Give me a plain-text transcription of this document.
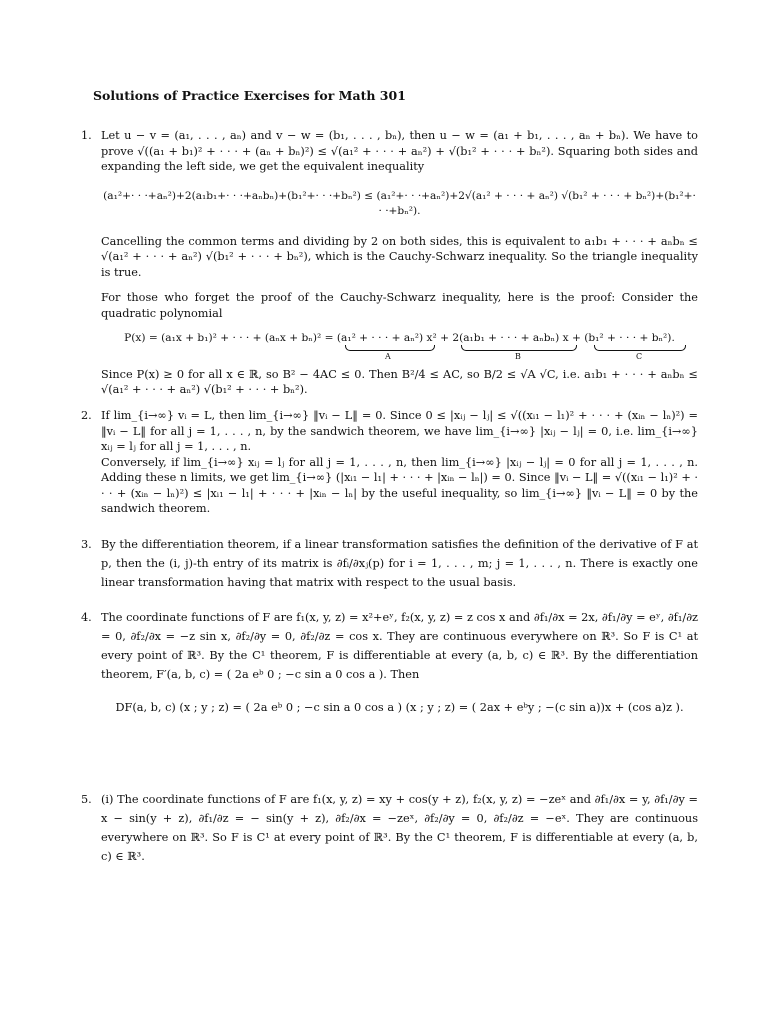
Solutions of Practice Exercises for Math 301
1. Let u − v = (a₁, . . . , aₙ) and v − w = (b₁, . . . , bₙ), then u − w = (a₁ + b₁, . . . , aₙ + bₙ). We have to prove √((a₁ + b₁)² + · · · + (aₙ + bₙ)²) ≤ √(a₁² + · · · + aₙ²) + √(b₁² + · · · + bₙ²). Squaring both sides and expanding the left side, we get the equivalent inequality

(a₁²+· · ·+aₙ²)+2(a₁b₁+· · ·+aₙbₙ)+(b₁²+· · ·+bₙ²) ≤ (a₁²+· · ·+aₙ²)+2√(a₁² + · · · + aₙ²) √(b₁² + · · · + bₙ²)+(b₁²+· · ·+bₙ²).

Cancelling the common terms and dividing by 2 on both sides, this is equivalent to a₁b₁ + · · · + aₙbₙ ≤ √(a₁² + · · · + aₙ²) √(b₁² + · · · + bₙ²), which is the Cauchy-Schwarz inequality. So the triangle inequality is true.

For those who forget the proof of the Cauchy-Schwarz inequality, here is the proof: Consider the quadratic polynomial

P(x) = (a₁x + b₁)² + · · · + (aₙx + bₙ)² = (a₁² + · · · + aₙ²) x² + 2(a₁b₁ + · · · + aₙbₙ) x + (b₁² + · · · + bₙ²).

A	B	C

Since P(x) ≥ 0 for all x ∈ ℝ, so B² − 4AC ≤ 0. Then B²/4 ≤ AC, so B/2 ≤ √A √C, i.e. a₁b₁ + · · · + aₙbₙ ≤ √(a₁² + · · · + aₙ²) √(b₁² + · · · + bₙ²).

2. If lim_{i→∞} vᵢ = L, then lim_{i→∞} ‖vᵢ − L‖ = 0. Since 0 ≤ |xᵢⱼ − lⱼ| ≤ √((xᵢ₁ − l₁)² + · · · + (xᵢₙ − lₙ)²) = ‖vᵢ − L‖ for all j = 1, . . . , n, by the sandwich theorem, we have lim_{i→∞} |xᵢⱼ − lⱼ| = 0, i.e. lim_{i→∞} xᵢⱼ = lⱼ for all j = 1, . . . , n.

Conversely, if lim_{i→∞} xᵢⱼ = lⱼ for all j = 1, . . . , n, then lim_{i→∞} |xᵢⱼ − lⱼ| = 0 for all j = 1, . . . , n. Adding these n limits, we get lim_{i→∞} (|xᵢ₁ − l₁| + · · · + |xᵢₙ − lₙ|) = 0. Since ‖vᵢ − L‖ = √((xᵢ₁ − l₁)² + · · · + (xᵢₙ − lₙ)²) ≤ |xᵢ₁ − l₁| + · · · + |xᵢₙ − lₙ| by the useful inequality, so lim_{i→∞} ‖vᵢ − L‖ = 0 by the sandwich theorem.

3. By the differentiation theorem, if a linear transformation satisfies the definition of the derivative of F at p, then the (i, j)-th entry of its matrix is ∂fᵢ/∂xⱼ(p) for i = 1, . . . , m; j = 1, . . . , n. There is exactly one linear transformation having that matrix with respect to the usual basis.

4. The coordinate functions of F are f₁(x, y, z) = x²+eʸ, f₂(x, y, z) = z cos x and ∂f₁/∂x = 2x, ∂f₁/∂y = eʸ, ∂f₁/∂z = 0, ∂f₂/∂x = −z sin x, ∂f₂/∂y = 0, ∂f₂/∂z = cos x. They are continuous everywhere on ℝ³. So F is C¹ at every point of ℝ³. By the C¹ theorem, F is differentiable at every (a, b, c) ∈ ℝ³. By the differentiation theorem, F′(a, b, c) = ( 2a eᵇ 0 ; −c sin a 0 cos a ). Then

DF(a, b, c) (x ; y ; z) = ( 2a eᵇ 0 ; −c sin a 0 cos a ) (x ; y ; z) = ( 2ax + eᵇy ; −(c sin a))x + (cos a)z ).

5. (i) The coordinate functions of F are f₁(x, y, z) = xy + cos(y + z), f₂(x, y, z) = −zeˣ and ∂f₁/∂x = y, ∂f₁/∂y = x − sin(y + z), ∂f₁/∂z = − sin(y + z), ∂f₂/∂x = −zeˣ, ∂f₂/∂y = 0, ∂f₂/∂z = −eˣ. They are continuous everywhere on ℝ³. So F is C¹ at every point of ℝ³. By the C¹ theorem, F is differentiable at every (a, b, c) ∈ ℝ³.
